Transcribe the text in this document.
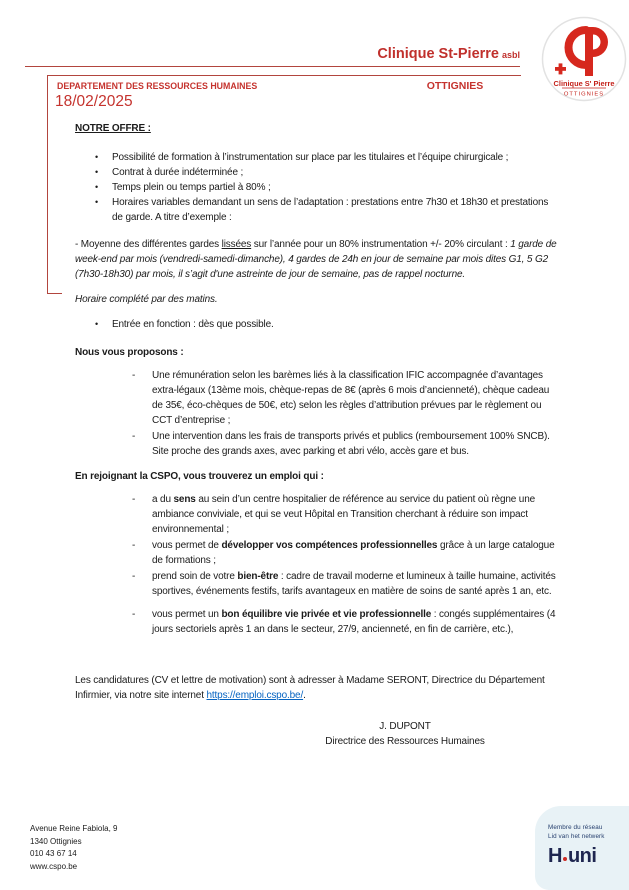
Clinique St-Pierre asbl
OTTIGNIES
DEPARTEMENT DES RESSOURCES HUMAINES
18/02/2025
Clinique S' Pierre
OTTIGNIES
NOTRE OFFRE :
•	Possibilité de formation à l’instrumentation sur place par les titulaires et l’équipe chirurgicale ;
•	Contrat à durée indéterminée ;
•	Temps plein ou temps partiel à 80% ;
•	Horaires variables demandant un sens de l’adaptation : prestations entre 7h30 et 18h30 et prestations de garde. A titre d’exemple :
- Moyenne des différentes gardes lissées sur l’année pour un 80% instrumentation +/- 20% circulant : 1 garde de week-end par mois (vendredi-samedi-dimanche), 4 gardes de 24h en jour de semaine par mois dites G1, 5 G2 (7h30-18h30) par mois, il s’agit d'une astreinte de jour de semaine, pas de rappel nocturne.
Horaire complété par des matins.
•	Entrée en fonction : dès que possible.
Nous vous proposons :
-	Une rémunération selon les barèmes liés à la classification IFIC accompagnée d’avantages extra-légaux (13ème mois, chèque-repas de 8€ (après 6 mois d’ancienneté), chèque cadeau de 35€, éco-chèques de 50€, etc) selon les règles d’attribution prévues par le règlement ou CCT d’entreprise ;
-	Une intervention dans les frais de transports privés et publics (remboursement 100% SNCB). Site proche des grands axes, avec parking et abri vélo, accès gare et bus.
En rejoignant la CSPO, vous trouverez un emploi qui :
-	a du sens au sein d’un centre hospitalier de référence au service du patient où règne une ambiance conviviale, et qui se veut Hôpital en Transition cherchant à réduire son impact environnemental ;
-	vous permet de développer vos compétences professionnelles grâce à un large catalogue de formations ;
-	prend soin de votre bien-être : cadre de travail moderne et lumineux à taille humaine, activités sportives, événements festifs, tarifs avantageux en matière de soins de santé après 1 an, etc.
-	vous permet un bon équilibre vie privée et vie professionnelle : congés supplémentaires (4 jours sectoriels après 1 an dans le secteur, 27/9, ancienneté, en fin de carrière, etc.),
Les candidatures (CV et lettre de motivation) sont à adresser à Madame SERONT, Directrice du Département Infirmier, via notre site internet https://emploi.cspo.be/.
J. DUPONT
Directrice des Ressources Humaines
Avenue Reine Fabiola, 9
1340 Ottignies
010 43 67 14
www.cspo.be
Membre du réseau
Lid van het netwerk
H uni
